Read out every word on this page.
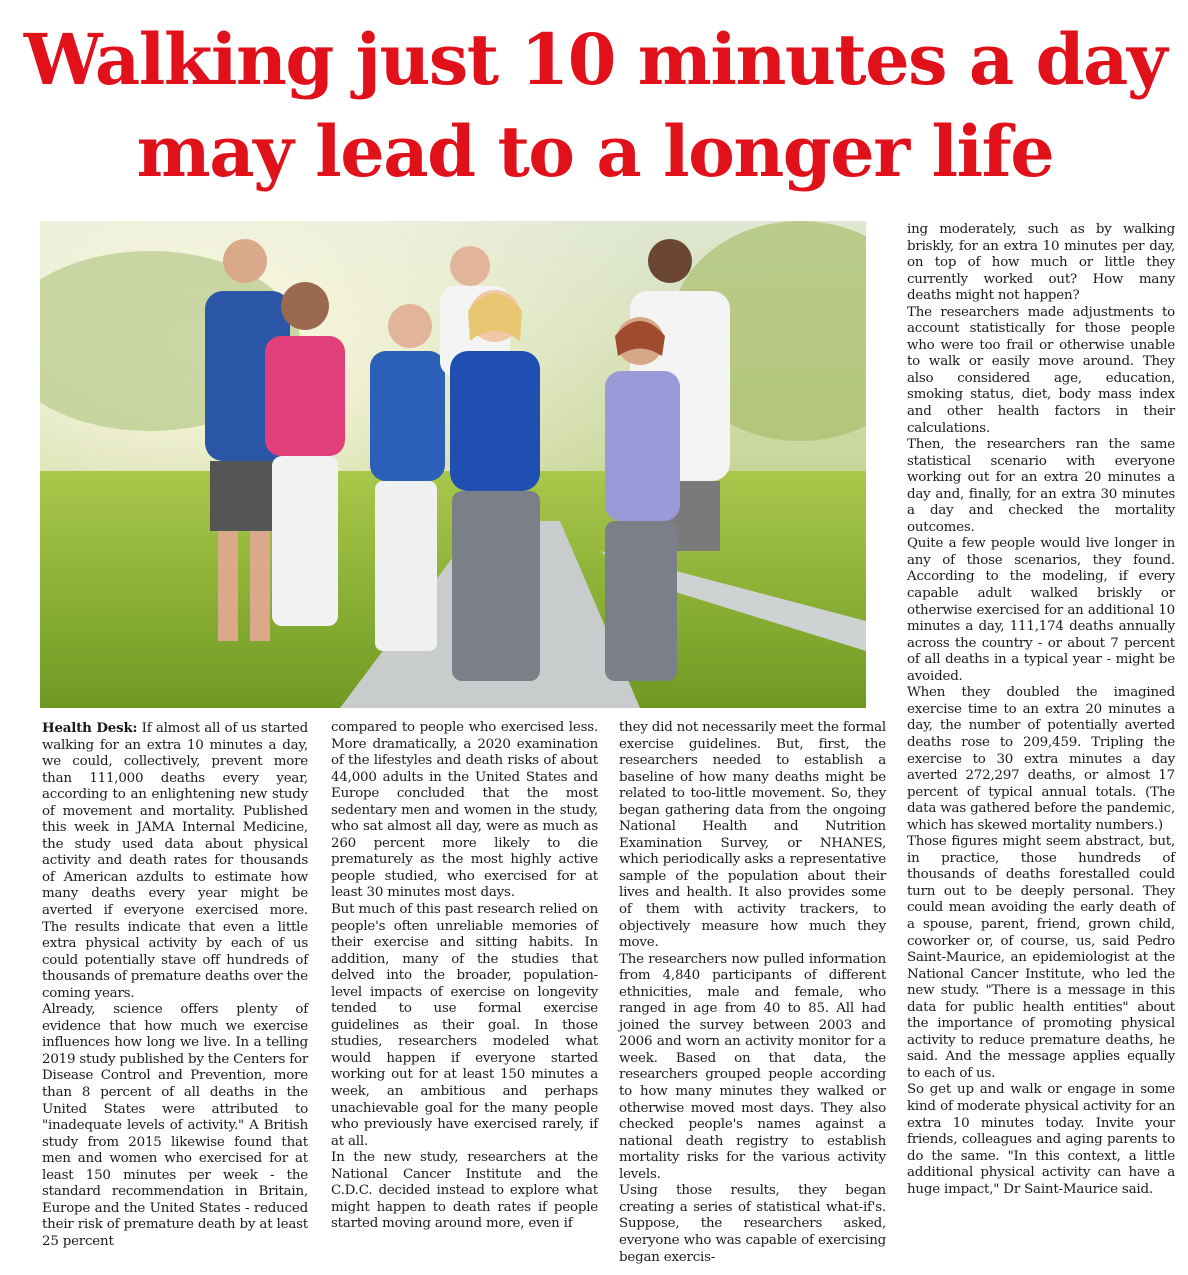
Walking just 10 minutes a day
may lead to a longer life

Health Desk: If almost all of us started walking for an extra 10 minutes a day, we could, collectively, prevent more than 111,000 deaths every year, according to an enlightening new study of movement and mortality. Published this week in JAMA Internal Medicine, the study used data about physical activity and death rates for thousands of American azdults to estimate how many deaths every year might be averted if everyone exercised more. The results indicate that even a little extra physical activity by each of us could potentially stave off hundreds of thousands of premature deaths over the coming years.

Already, science offers plenty of evidence that how much we exercise influences how long we live. In a telling 2019 study published by the Centers for Disease Control and Prevention, more than 8 percent of all deaths in the United States were attributed to "inadequate levels of activity." A British study from 2015 likewise found that men and women who exercised for at least 150 minutes per week - the standard recommendation in Britain, Europe and the United States - reduced their risk of premature death by at least 25 percent

compared to people who exercised less. More dramatically, a 2020 examination of the lifestyles and death risks of about 44,000 adults in the United States and Europe concluded that the most sedentary men and women in the study, who sat almost all day, were as much as 260 percent more likely to die prematurely as the most highly active people studied, who exercised for at least 30 minutes most days.

But much of this past research relied on people's often unreliable memories of their exercise and sitting habits. In addition, many of the studies that delved into the broader, population-level impacts of exercise on longevity tended to use formal exercise guidelines as their goal. In those studies, researchers modeled what would happen if everyone started working out for at least 150 minutes a week, an ambitious and perhaps unachievable goal for the many people who previously have exercised rarely, if at all.

In the new study, researchers at the National Cancer Institute and the C.D.C. decided instead to explore what might happen to death rates if people started moving around more, even if

they did not necessarily meet the formal exercise guidelines. But, first, the researchers needed to establish a baseline of how many deaths might be related to too-little movement. So, they began gathering data from the ongoing National Health and Nutrition Examination Survey, or NHANES, which periodically asks a representative sample of the population about their lives and health. It also provides some of them with activity trackers, to objectively measure how much they move.

The researchers now pulled information from 4,840 participants of different ethnicities, male and female, who ranged in age from 40 to 85. All had joined the survey between 2003 and 2006 and worn an activity monitor for a week. Based on that data, the researchers grouped people according to how many minutes they walked or otherwise moved most days. They also checked people's names against a national death registry to establish mortality risks for the various activity levels.

Using those results, they began creating a series of statistical what-if's. Suppose, the researchers asked, everyone who was capable of exercising began exercis-

ing moderately, such as by walking briskly, for an extra 10 minutes per day, on top of how much or little they currently worked out? How many deaths might not happen?

The researchers made adjustments to account statistically for those people who were too frail or otherwise unable to walk or easily move around. They also considered age, education, smoking status, diet, body mass index and other health factors in their calculations.

Then, the researchers ran the same statistical scenario with everyone working out for an extra 20 minutes a day and, finally, for an extra 30 minutes a day and checked the mortality outcomes.

Quite a few people would live longer in any of those scenarios, they found. According to the modeling, if every capable adult walked briskly or otherwise exercised for an additional 10 minutes a day, 111,174 deaths annually across the country - or about 7 percent of all deaths in a typical year - might be avoided.

When they doubled the imagined exercise time to an extra 20 minutes a day, the number of potentially averted deaths rose to 209,459. Tripling the exercise to 30 extra minutes a day averted 272,297 deaths, or almost 17 percent of typical annual totals. (The data was gathered before the pandemic, which has skewed mortality numbers.)

Those figures might seem abstract, but, in practice, those hundreds of thousands of deaths forestalled could turn out to be deeply personal. They could mean avoiding the early death of a spouse, parent, friend, grown child, coworker or, of course, us, said Pedro Saint-Maurice, an epidemiologist at the National Cancer Institute, who led the new study. "There is a message in this data for public health entities" about the importance of promoting physical activity to reduce premature deaths, he said. And the message applies equally to each of us.

So get up and walk or engage in some kind of moderate physical activity for an extra 10 minutes today. Invite your friends, colleagues and aging parents to do the same. "In this context, a little additional physical activity can have a huge impact," Dr Saint-Maurice said.
